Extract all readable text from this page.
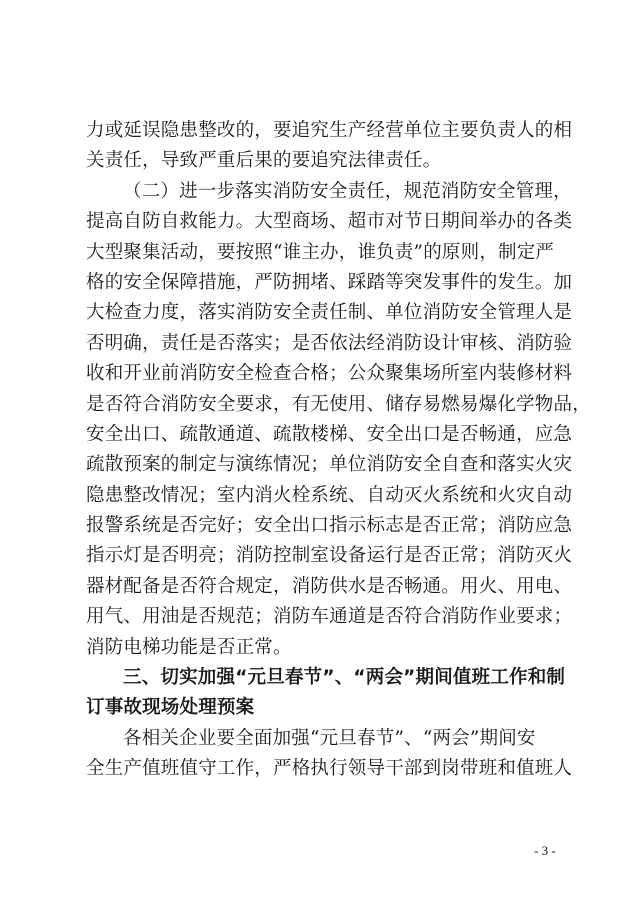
力或延误隐患整改的，要追究生产经营单位主要负责人的相
关责任，导致严重后果的要追究法律责任。
（二）进一步落实消防安全责任，规范消防安全管理，
提高自防自救能力。大型商场、超市对节日期间举办的各类
大型聚集活动，要按照“谁主办，谁负责”的原则，制定严
格的安全保障措施，严防拥堵、踩踏等突发事件的发生。加
大检查力度，落实消防安全责任制、单位消防安全管理人是
否明确，责任是否落实；是否依法经消防设计审核、消防验
收和开业前消防安全检查合格；公众聚集场所室内装修材料
是否符合消防安全要求，有无使用、储存易燃易爆化学物品，
安全出口、疏散通道、疏散楼梯、安全出口是否畅通，应急
疏散预案的制定与演练情况；单位消防安全自查和落实火灾
隐患整改情况；室内消火栓系统、自动灭火系统和火灾自动
报警系统是否完好；安全出口指示标志是否正常；消防应急
指示灯是否明亮；消防控制室设备运行是否正常；消防灭火
器材配备是否符合规定，消防供水是否畅通。用火、用电、
用气、用油是否规范；消防车通道是否符合消防作业要求；
消防电梯功能是否正常。
三、切实加强“元旦春节”、“两会”期间值班工作和制
订事故现场处理预案
各相关企业要全面加强“元旦春节”、“两会”期间安
全生产值班值守工作，严格执行领导干部到岗带班和值班人
- 3 -
